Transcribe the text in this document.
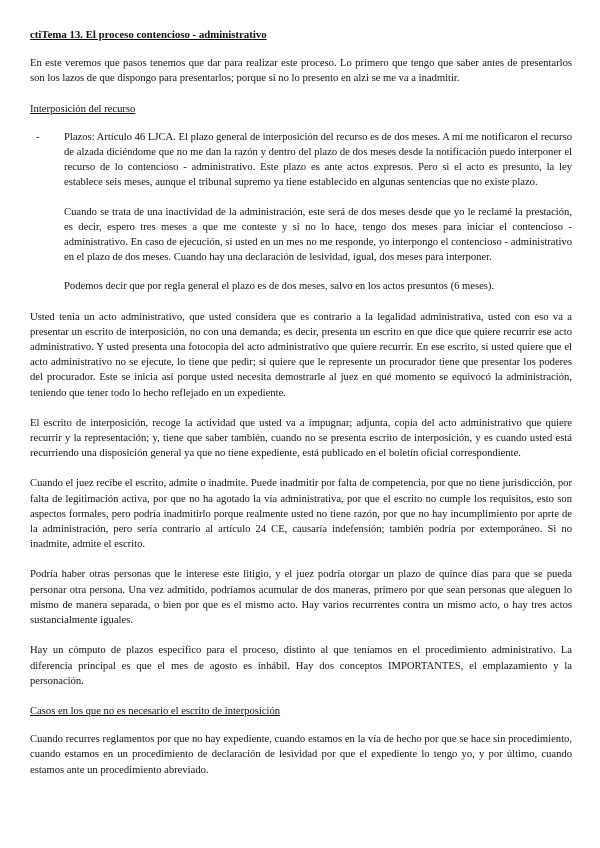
ctiTema 13. El proceso contencioso - administrativo

En este veremos que pasos tenemos que dar para realizar este proceso. Lo primero que tengo que saber antes de presentarlos son los lazos de que dispongo para presentarlos; porque si no lo presento en alzi se me va a inadmitir.

Interposición del recurso
- Plazos: Artículo 46 LJCA. El plazo general de interposición del recurso es de dos meses. A mi me notificaron el recurso de alzada diciéndome que no me dan la razón y dentro del plazo de dos meses desde la notificación puedo interponer el recurso de lo contencioso - administrativo. Este plazo es ante actos expresos. Pero si el acto es presunto, la ley establece seis meses, aunque el tribunal supremo ya tiene establecido en algunas sentencias que no existe plazo.

Cuando se trata de una inactividad de la administración, este será de dos meses desde que yo le reclamé la prestación, es decir, espero tres meses a que me conteste y si no lo hace, tengo dos meses para iniciar el contencioso - administrativo. En caso de ejecución, si usted en un mes no me responde, yo interpongo el contencioso - administrativo en el plazo de dos meses. Cuando hay una declaración de lesividad, igual, dos meses para interponer.

Podemos decir que por regla general el plazo es de dos meses, salvo en los actos presuntos (6 meses).

Usted tenía un acto administrativo, que usted considera que es contrario a la legalidad administrativa, usted con eso va a presentar un escrito de interposición, no con una demanda; es decir, presenta un escrito en que dice que quiere recurrir ese acto administrativo. Y usted presenta una fotocopia del acto administrativo que quiere recurrir. En ese escrito, si usted quiere que el acto administrativo no se ejecute, lo tiene que pedir; si quiere que le represente un procurador tiene que presentar los poderes del procurador. Este se inicia así porque usted necesita demostrarle al juez en qué momento se equivocó la administración, teniendo que tener todo lo hecho reflejado en un expediente.

El escrito de interposición, recoge la actividad que usted va a impugnar; adjunta, copia del acto administrativo que quiere recurrir y la representación; y, tiene que saber también, cuando no se presenta escrito de interposición, y es cuando usted está recurriendo una disposición general ya que no tiene expediente, está publicado en el boletín oficial correspondiente.

Cuando el juez recibe el escrito, admite o inadmite. Puede inadmitir por falta de competencia, por que no tiene jurisdicción, por falta de legitimación activa, por que no ha agotado la vía administrativa, por que el escrito no cumple los requisitos, esto son aspectos formales, pero podría inadmitirlo porque realmente usted no tiene razón, por que no hay incumplimiento por aprte de la administración, pero sería contrario al artículo 24 CE, causaría indefensión; también podría por extemporáneo. Si no inadmite, admite el escrito.

Podría haber otras personas que le interese este litigio, y el juez podría otorgar un plazo de quince días para que se pueda personar otra persona. Una vez admitido, podríamos acumular de dos maneras, primero por que sean personas que aleguen lo mismo de manera separada, o bien por que es el mismo acto. Hay varios recurrentes contra un mismo acto, o hay tres actos sustancialmente iguales.

Hay un cómputo de plazos específico para el proceso, distinto al que teníamos en el procedimiento administrativo. La diferencia principal es que el mes de agosto es inhábil. Hay dos conceptos IMPORTANTES, el emplazamiento y la personación.

Casos en los que no es necesario el escrito de interposición

Cuando recurres reglamentos por que no hay expediente, cuando estamos en la vía de hecho por que se hace sin procedimiento, cuando estamos en un procedimiento de declaración de lesividad por que el expediente lo tengo yo, y por último, cuando estamos ante un procedimiento abreviado.
